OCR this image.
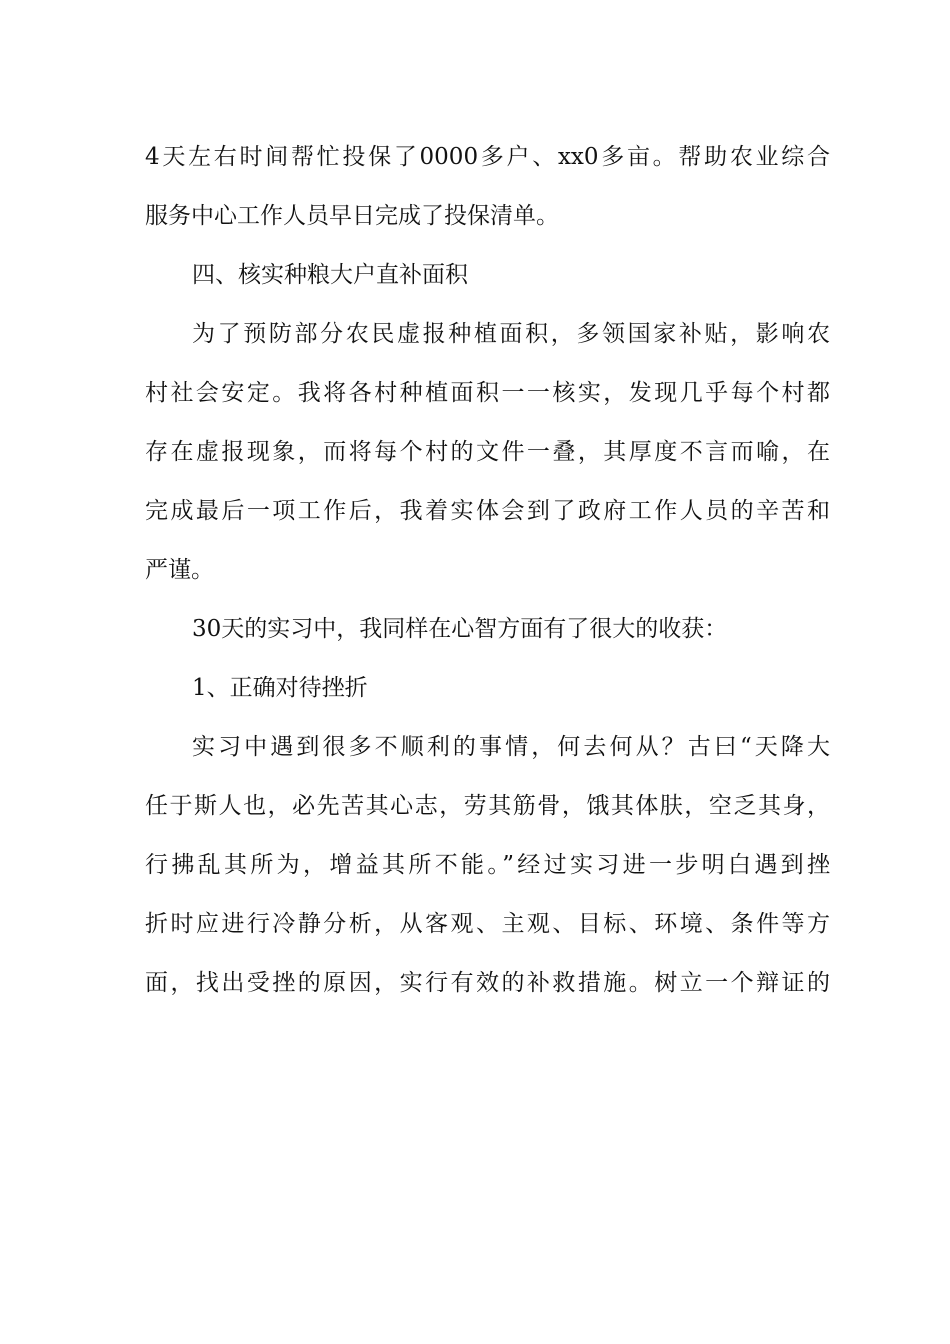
4天左右时间帮忙投保了0000多户、xx0多亩。帮助农业综合
服务中心工作人员早日完成了投保清单。
四、核实种粮大户直补面积
为了预防部分农民虚报种植面积，多领国家补贴，影响农
村社会安定。我将各村种植面积一一核实，发现几乎每个村都
存在虚报现象，而将每个村的文件一叠，其厚度不言而喻，在
完成最后一项工作后，我着实体会到了政府工作人员的辛苦和
严谨。
30天的实习中，我同样在心智方面有了很大的收获：
1、正确对待挫折
实习中遇到很多不顺利的事情，何去何从？古曰“天降大
任于斯人也，必先苦其心志，劳其筋骨，饿其体肤，空乏其身，
行拂乱其所为，增益其所不能。”经过实习进一步明白遇到挫
折时应进行冷静分析，从客观、主观、目标、环境、条件等方
面，找出受挫的原因，实行有效的补救措施。树立一个辩证的
